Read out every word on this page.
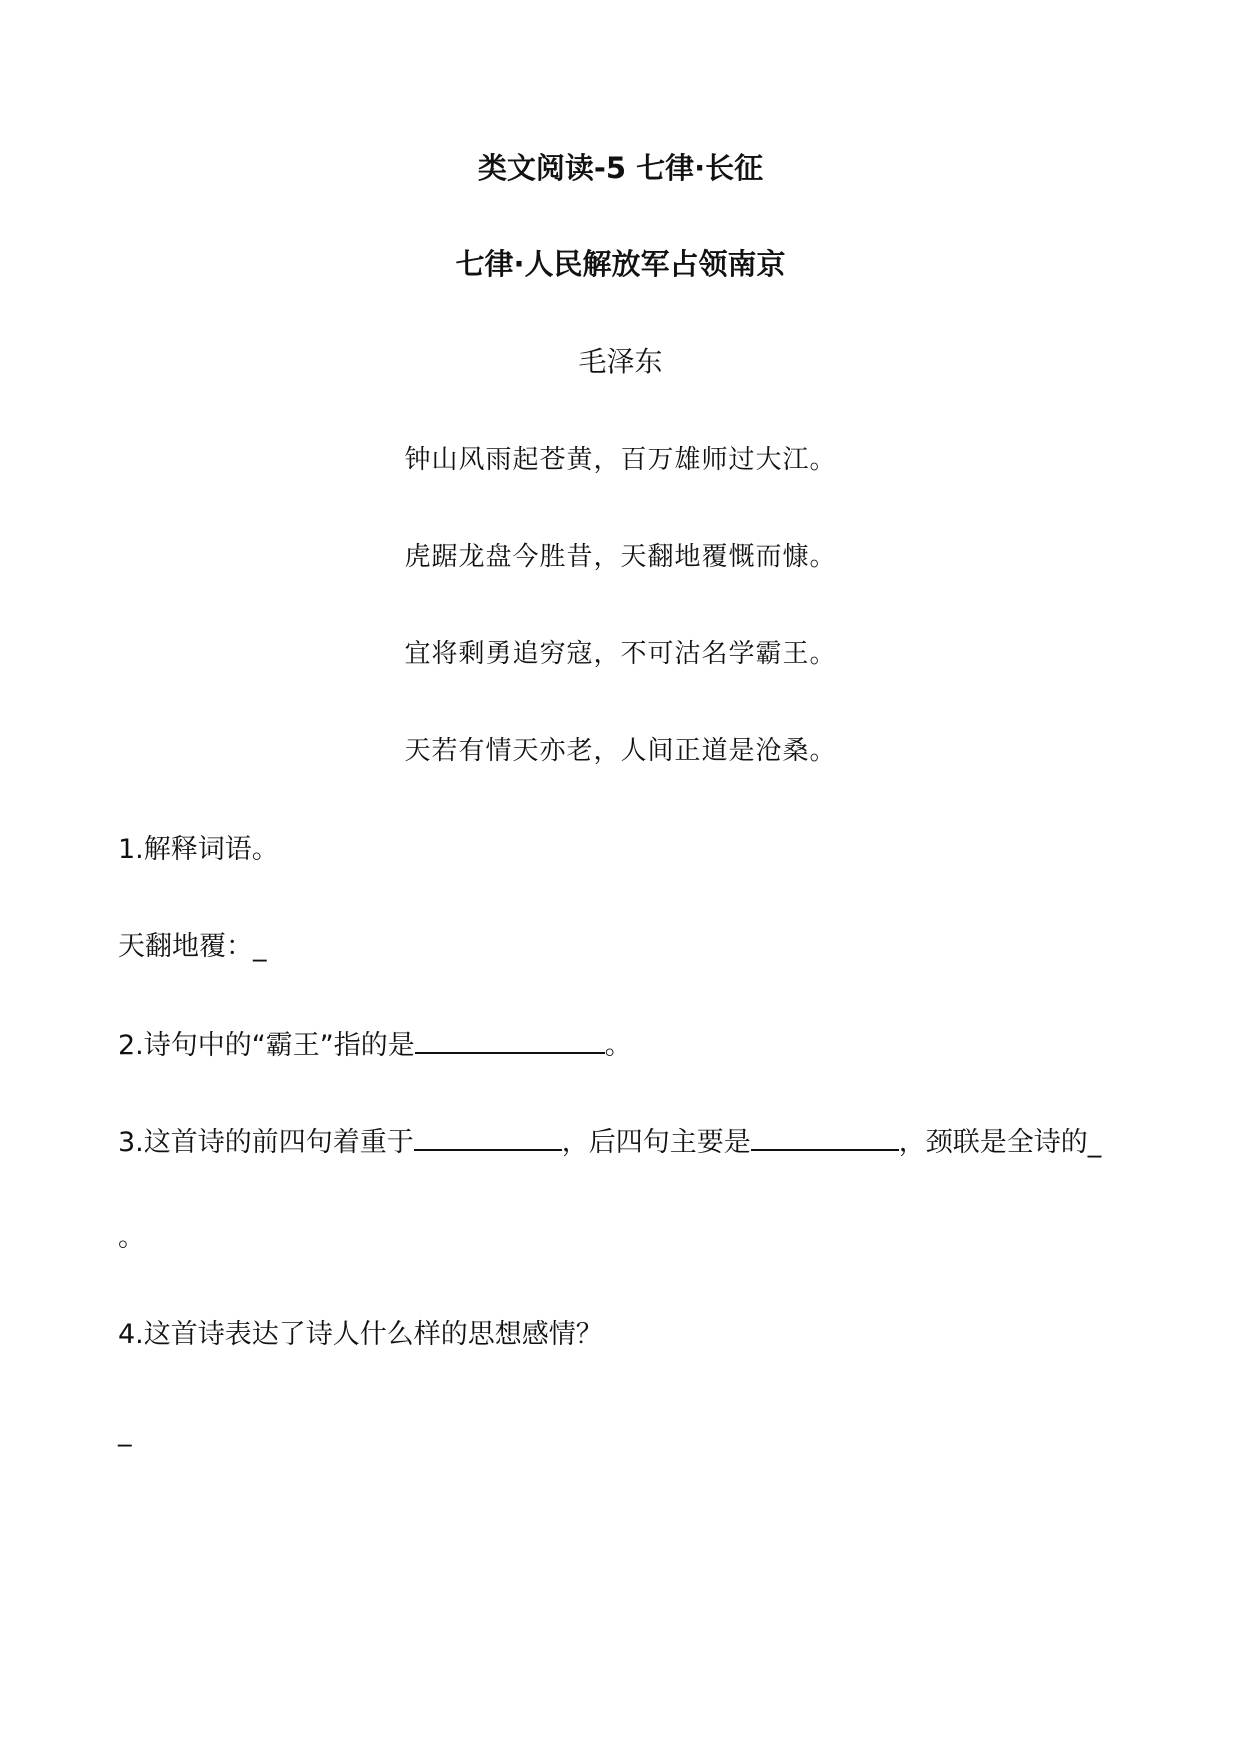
类文阅读-5 七律·长征
七律·人民解放军占领南京
毛泽东
钟山风雨起苍黄，百万雄师过大江。
虎踞龙盘今胜昔，天翻地覆慨而慷。
宜将剩勇追穷寇，不可沽名学霸王。
天若有情天亦老，人间正道是沧桑。
1.解释词语。
天翻地覆：_
2.诗句中的“霸王”指的是	。
3.这首诗的前四句着重于	，后四句主要是	，颈联是全诗的_
。
4.这首诗表达了诗人什么样的思想感情？
_
